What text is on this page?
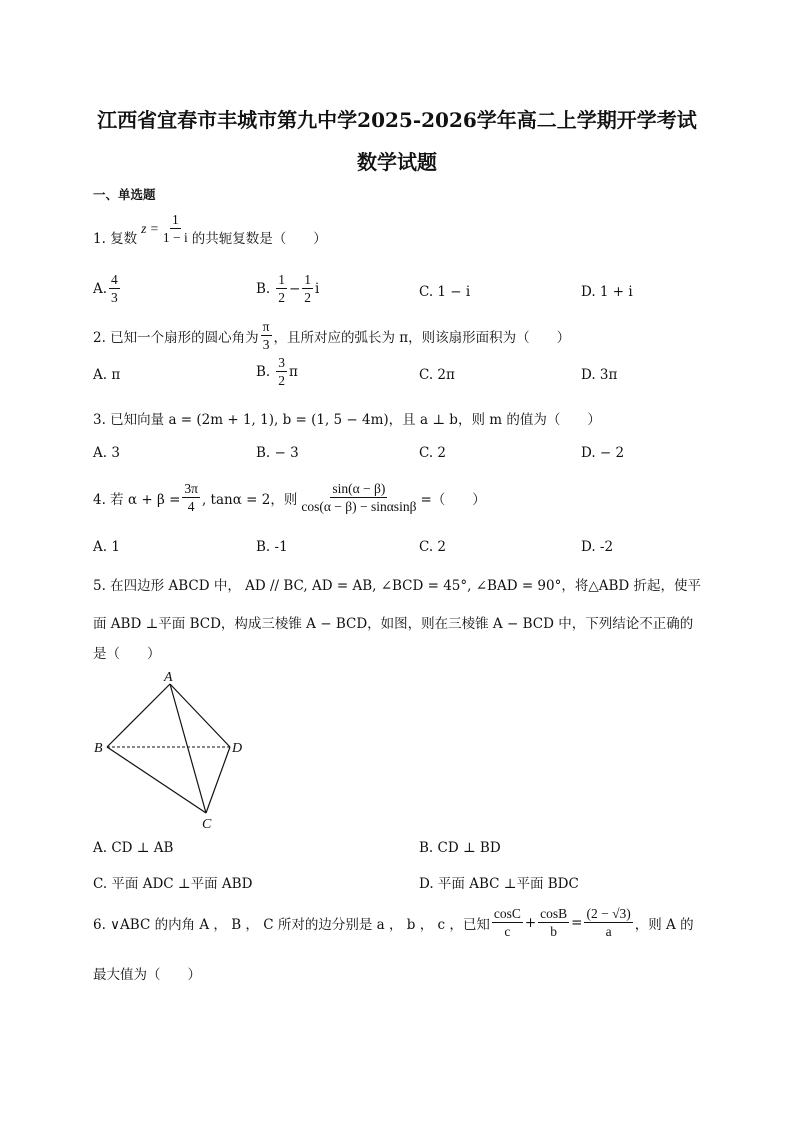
江西省宜春市丰城市第九中学2025-2026学年高二上学期开学考试
数学试题
一、单选题
1. 复数
$z = \frac{1}{1 - i}$ 的共轭复数是（　　）
A. $\frac{4}{3}$	B. $\frac{1}{2} - \frac{1}{2}$ i	C. 1 − i	D. 1 + i
2. 已知一个扇形的圆心角为 $\frac{\pi}{3}$ ，且所对应的弧长为 π，则该扇形面积为（　　）
A. π	B. $\frac{3}{2}$ π	C. 2π	D. 3π
3. 已知向量 a = (2m + 1, 1), b = (1, 5 − 4m)，且 a ⊥ b，则 m 的值为（　　）
A. 3	B. − 3	C. 2	D. − 2
4. 若 $\alpha + \beta = \frac{3\pi}{4}$ , tanα = 2，则 $\frac{\sin(\alpha - \beta)}{\cos(\alpha - \beta) - \sin\alpha\sin\beta}$ =（　　）
A. 1	B. -1	C. 2	D. -2
5. 在四边形 ABCD 中， AD // BC, AD = AB, ∠BCD = 45°, ∠BAD = 90°，将△ABD 折起，使平
面 ABD ⊥平面 BCD，构成三棱锥 A − BCD，如图，则在三棱锥 A − BCD 中，下列结论不正确的
是（　　）
A
B	D
C
A. CD ⊥ AB	B. CD ⊥ BD
C. 平面 ADC ⊥平面 ABD	D. 平面 ABC ⊥平面 BDC
6. ∨ABC 的内角 A ， B ， C 所对的边分别是 a ， b ， c ，已知 $\frac{\cos C}{c} + \frac{\cos B}{b} = \frac{(2 - √3)}{a}$ ，则 A 的
最大值为（　　）
